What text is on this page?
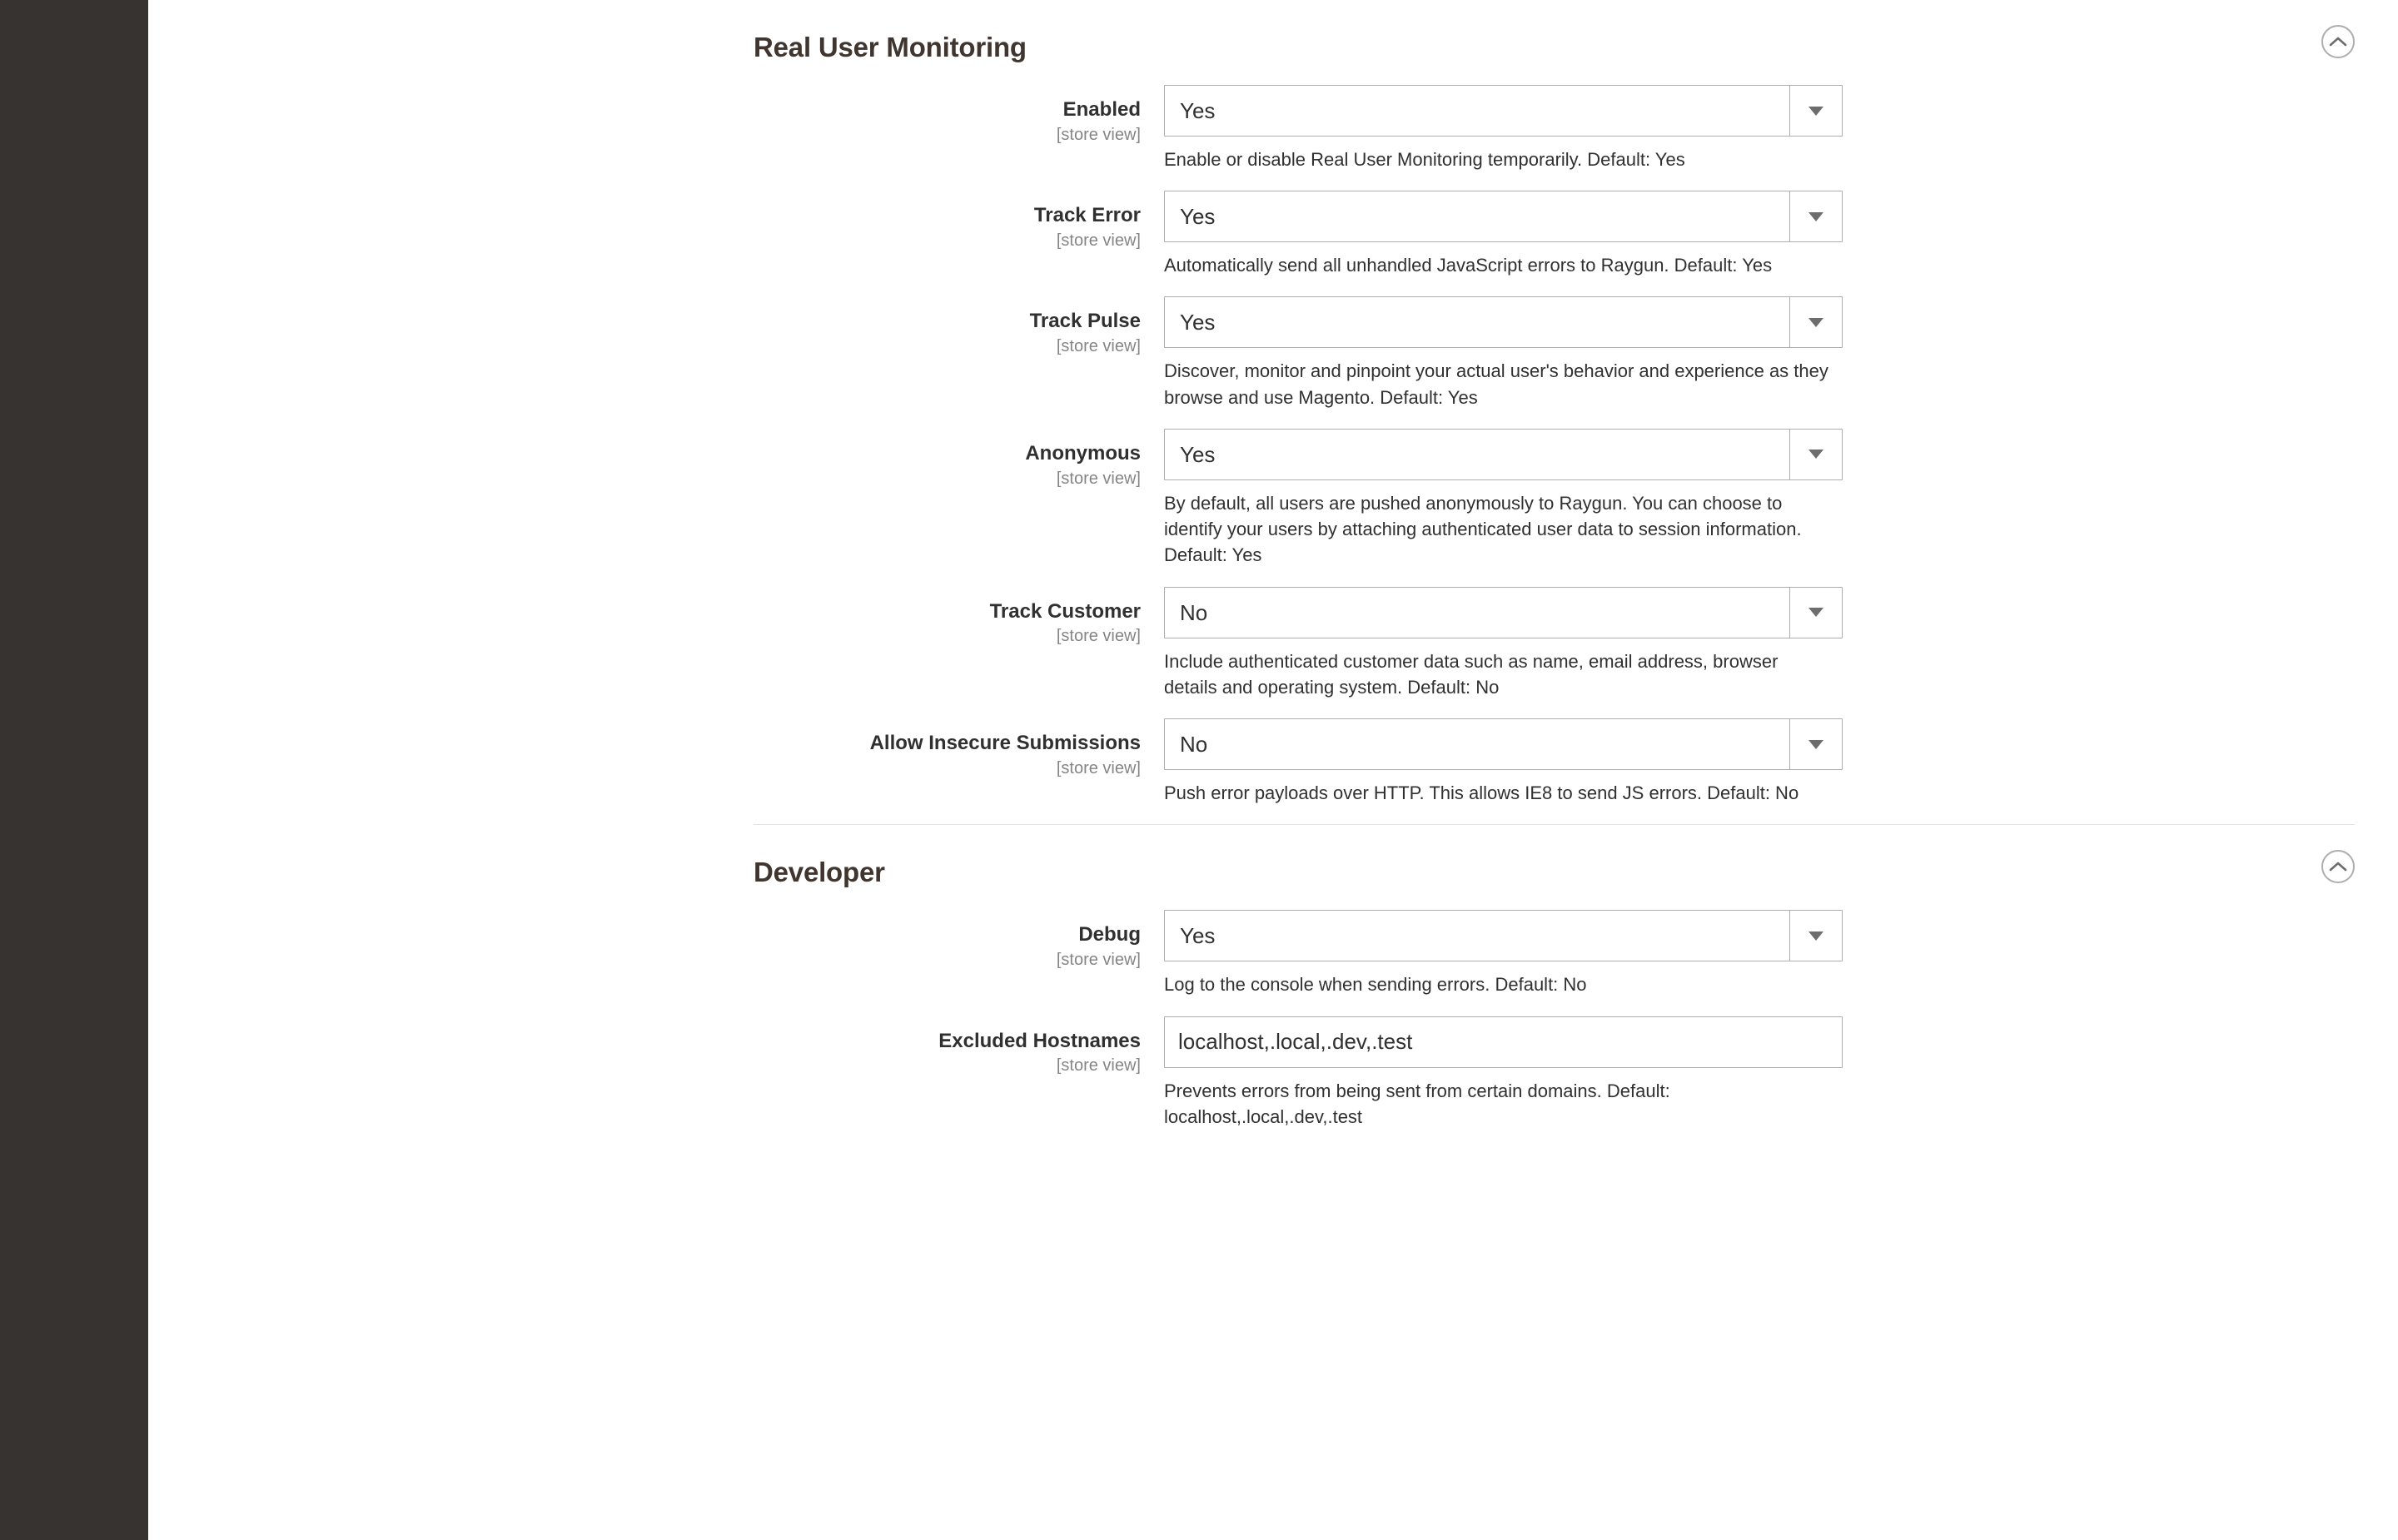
Real User Monitoring
Enabled
[store view]
Yes
Enable or disable Real User Monitoring temporarily. Default: Yes
Track Error
[store view]
Yes
Automatically send all unhandled JavaScript errors to Raygun. Default: Yes
Track Pulse
[store view]
Yes
Discover, monitor and pinpoint your actual user's behavior and experience as they browse and use Magento. Default: Yes
Anonymous
[store view]
Yes
By default, all users are pushed anonymously to Raygun. You can choose to identify your users by attaching authenticated user data to session information. Default: Yes
Track Customer
[store view]
No
Include authenticated customer data such as name, email address, browser details and operating system. Default: No
Allow Insecure Submissions
[store view]
No
Push error payloads over HTTP. This allows IE8 to send JS errors. Default: No
Developer
Debug
[store view]
Yes
Log to the console when sending errors. Default: No
Excluded Hostnames
[store view]
localhost,.local,.dev,.test
Prevents errors from being sent from certain domains. Default: localhost,.local,.dev,.test
